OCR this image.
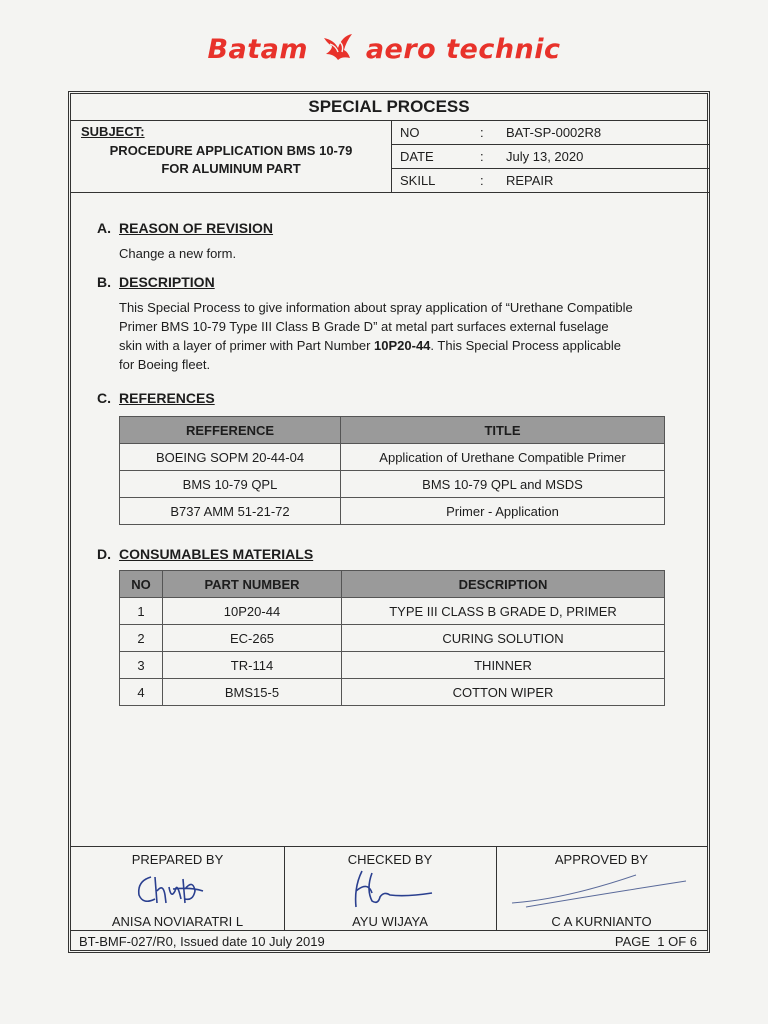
Batam aero technic
SPECIAL PROCESS
SUBJECT:
PROCEDURE APPLICATION BMS 10-79
FOR ALUMINUM PART
NO	: BAT-SP-0002R8
DATE	: July 13, 2020
SKILL	: REPAIR
A. REASON OF REVISION
Change a new form.
B. DESCRIPTION
This Special Process to give information about spray application of “Urethane Compatible
Primer BMS 10-79 Type III Class B Grade D” at metal part surfaces external fuselage
skin with a layer of primer with Part Number 10P20-44. This Special Process applicable
for Boeing fleet.
C. REFERENCES
REFFERENCE	TITLE
BOEING SOPM 20-44-04	Application of Urethane Compatible Primer
BMS 10-79 QPL	BMS 10-79 QPL and MSDS
B737 AMM 51-21-72	Primer - Application
D. CONSUMABLES MATERIALS
NO	PART NUMBER	DESCRIPTION
1	10P20-44	TYPE III CLASS B GRADE D, PRIMER
2	EC-265	CURING SOLUTION
3	TR-114	THINNER
4	BMS15-5	COTTON WIPER
PREPARED BY
ANISA NOVIARATRI L
CHECKED BY
AYU WIJAYA
APPROVED BY
C A KURNIANTO
BT-BMF-027/R0, Issued date 10 July 2019	PAGE  1 OF 6
